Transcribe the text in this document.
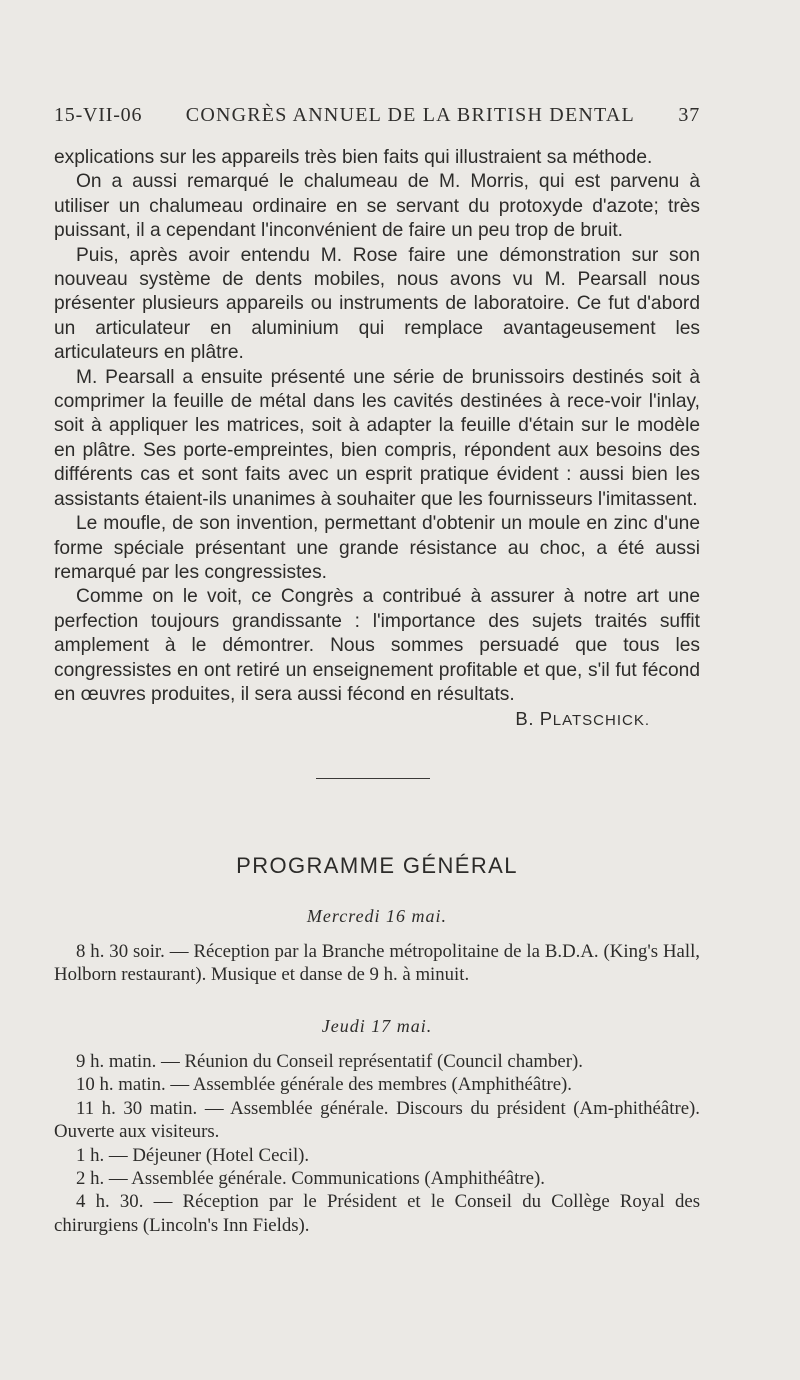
15-VII-06 CONGRÈS ANNUEL DE LA BRITISH DENTAL 37

explications sur les appareils très bien faits qui illustraient sa méthode.

On a aussi remarqué le chalumeau de M. Morris, qui est parvenu à utiliser un chalumeau ordinaire en se servant du protoxyde d'azote; très puissant, il a cependant l'inconvénient de faire un peu trop de bruit.

Puis, après avoir entendu M. Rose faire une démonstration sur son nouveau système de dents mobiles, nous avons vu M. Pearsall nous présenter plusieurs appareils ou instruments de laboratoire. Ce fut d'abord un articulateur en aluminium qui remplace avantageusement les articulateurs en plâtre.

M. Pearsall a ensuite présenté une série de brunissoirs destinés soit à comprimer la feuille de métal dans les cavités destinées à rece-voir l'inlay, soit à appliquer les matrices, soit à adapter la feuille d'étain sur le modèle en plâtre. Ses porte-empreintes, bien compris, répondent aux besoins des différents cas et sont faits avec un esprit pratique évident : aussi bien les assistants étaient-ils unanimes à souhaiter que les fournisseurs l'imitassent.

Le moufle, de son invention, permettant d'obtenir un moule en zinc d'une forme spéciale présentant une grande résistance au choc, a été aussi remarqué par les congressistes.

Comme on le voit, ce Congrès a contribué à assurer à notre art une perfection toujours grandissante : l'importance des sujets traités suffit amplement à le démontrer. Nous sommes persuadé que tous les congressistes en ont retiré un enseignement profitable et que, s'il fut fécond en œuvres produites, il sera aussi fécond en résultats.

B. PLATSCHICK.
PROGRAMME GÉNÉRAL
Mercredi 16 mai.

8 h. 30 soir. — Réception par la Branche métropolitaine de la B.D.A. (King's Hall, Holborn restaurant). Musique et danse de 9 h. à minuit.

Jeudi 17 mai.

9 h. matin. — Réunion du Conseil représentatif (Council chamber).

10 h. matin. — Assemblée générale des membres (Amphithéâtre).

11 h. 30 matin. — Assemblée générale. Discours du président (Am-phithéâtre). Ouverte aux visiteurs.

1 h. — Déjeuner (Hotel Cecil).

2 h. — Assemblée générale. Communications (Amphithéâtre).

4 h. 30. — Réception par le Président et le Conseil du Collège Royal des chirurgiens (Lincoln's Inn Fields).
